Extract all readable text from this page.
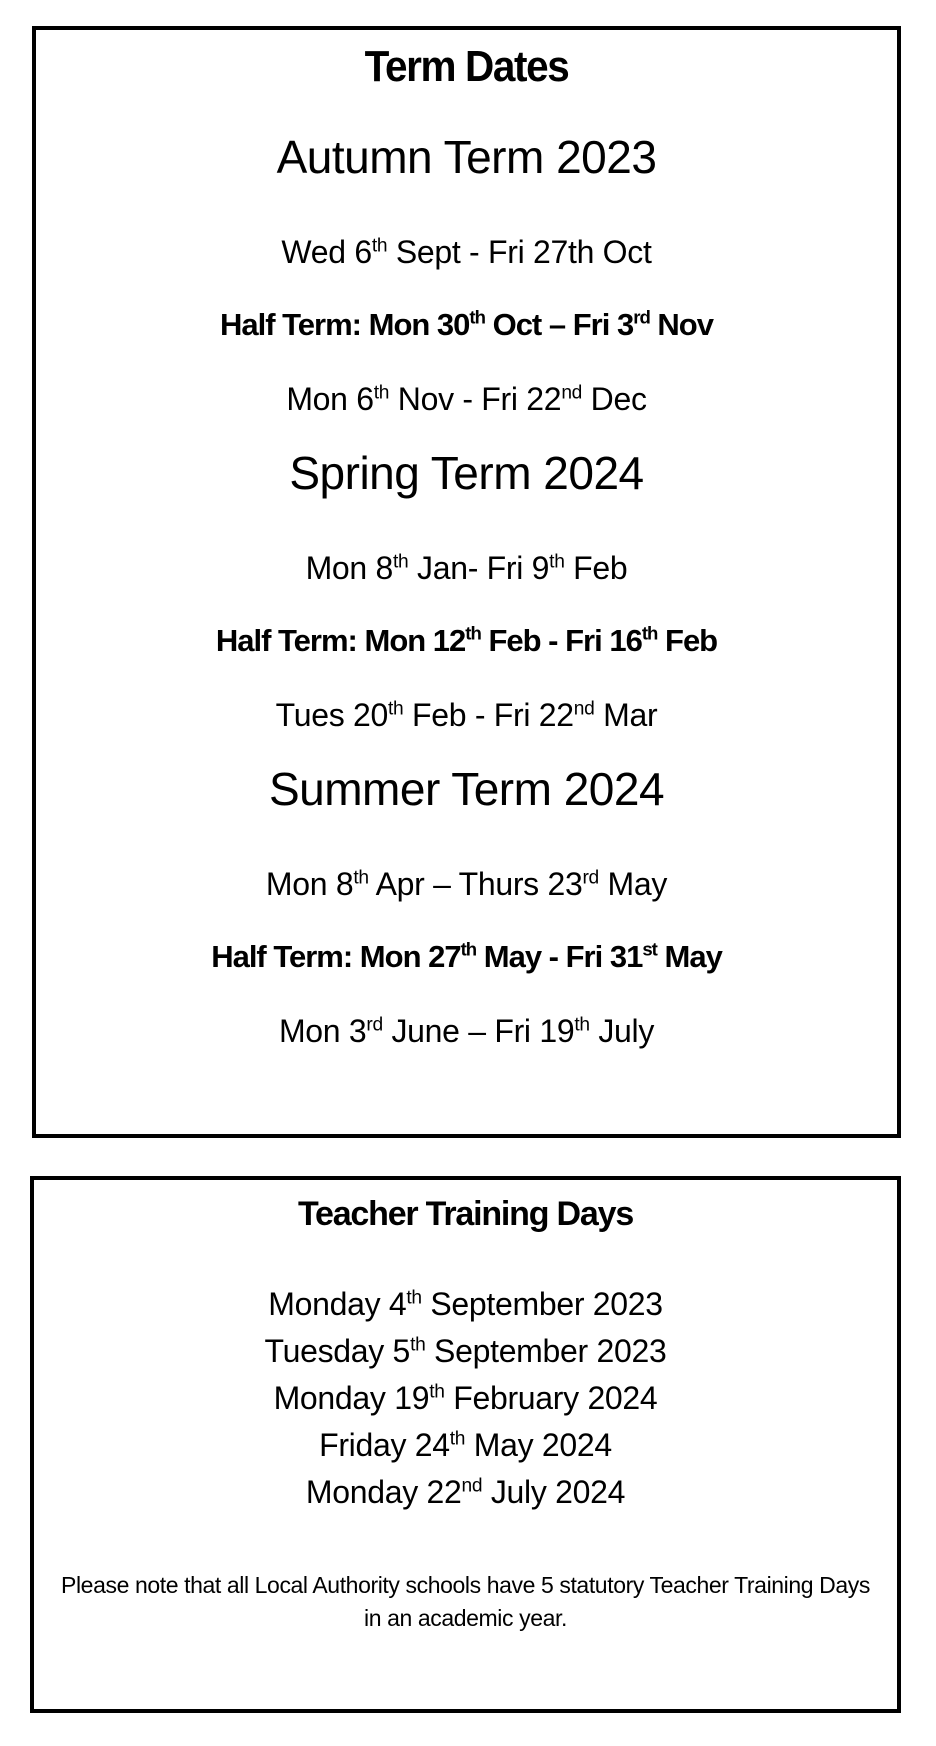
Term Dates
Autumn Term 2023
Wed 6th Sept - Fri 27th Oct
Half Term: Mon 30th Oct – Fri 3rd Nov
Mon 6th Nov - Fri 22nd Dec
Spring Term 2024
Mon 8th Jan- Fri 9th Feb
Half Term: Mon 12th Feb - Fri 16th Feb
Tues 20th Feb - Fri 22nd Mar
Summer Term 2024
Mon 8th Apr – Thurs 23rd May
Half Term: Mon 27th May - Fri 31st May
Mon 3rd June – Fri 19th July
Teacher Training Days
Monday 4th September 2023
Tuesday 5th September 2023
Monday 19th February 2024
Friday 24th May 2024
Monday 22nd July 2024
Please note that all Local Authority schools have 5 statutory Teacher Training Days
in an academic year.
